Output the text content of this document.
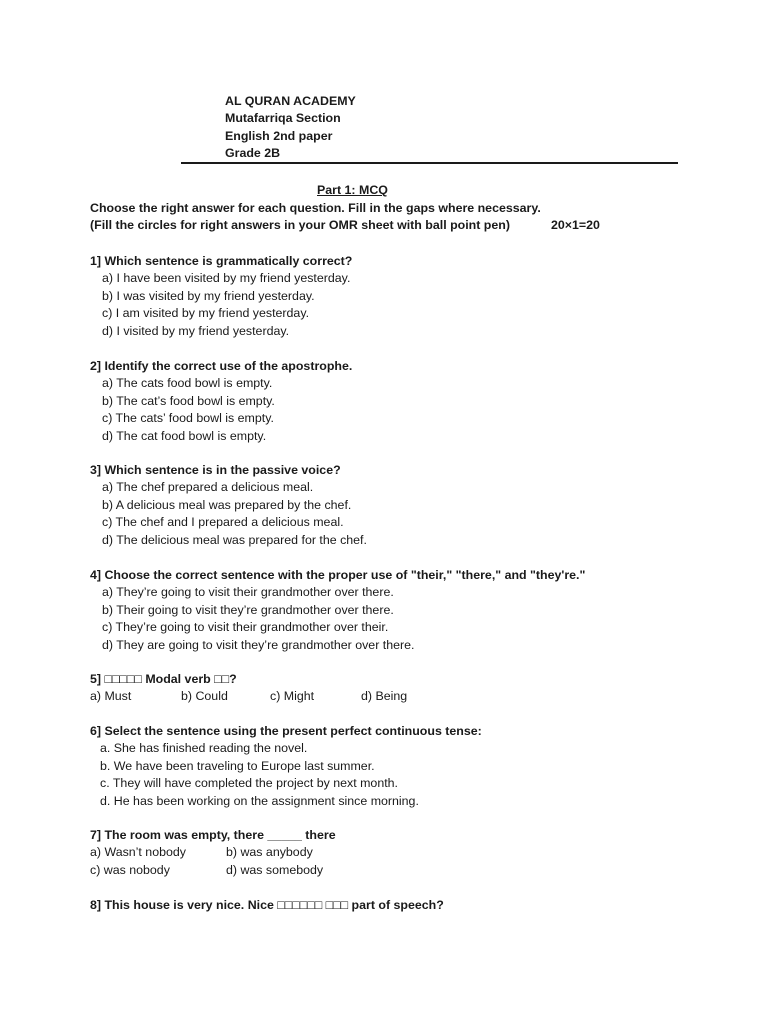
AL QURAN ACADEMY
Mutafarriqa Section
English 2nd paper
Grade 2B
Part 1: MCQ
Choose the right answer for each question. Fill in the gaps where necessary.
(Fill the circles for right answers in your OMR sheet with ball point pen)	20×1=20
1] Which sentence is grammatically correct?
a) I have been visited by my friend yesterday.
b) I was visited by my friend yesterday.
c) I am visited by my friend yesterday.
d) I visited by my friend yesterday.
2] Identify the correct use of the apostrophe.
a) The cats food bowl is empty.
b) The cat’s food bowl is empty.
c) The cats’ food bowl is empty.
d) The cat food bowl is empty.
3] Which sentence is in the passive voice?
a) The chef prepared a delicious meal.
b) A delicious meal was prepared by the chef.
c) The chef and I prepared a delicious meal.
d) The delicious meal was prepared for the chef.
4] Choose the correct sentence with the proper use of "their," "there," and "they're."
a) They’re going to visit their grandmother over there.
b) Their going to visit they’re grandmother over there.
c) They’re going to visit their grandmother over their.
d) They are going to visit they’re grandmother over there.
5] □□□□□ Modal verb □□?
a) Must	b) Could	c) Might	d) Being
6] Select the sentence using the present perfect continuous tense:
a. She has finished reading the novel.
b. We have been traveling to Europe last summer.
c. They will have completed the project by next month.
d. He has been working on the assignment since morning.
7] The room was empty, there _____ there
a) Wasn’t nobody	b) was anybody
c) was nobody	d) was somebody
8] This house is very nice. Nice □□□□□□ □□□ part of speech?
